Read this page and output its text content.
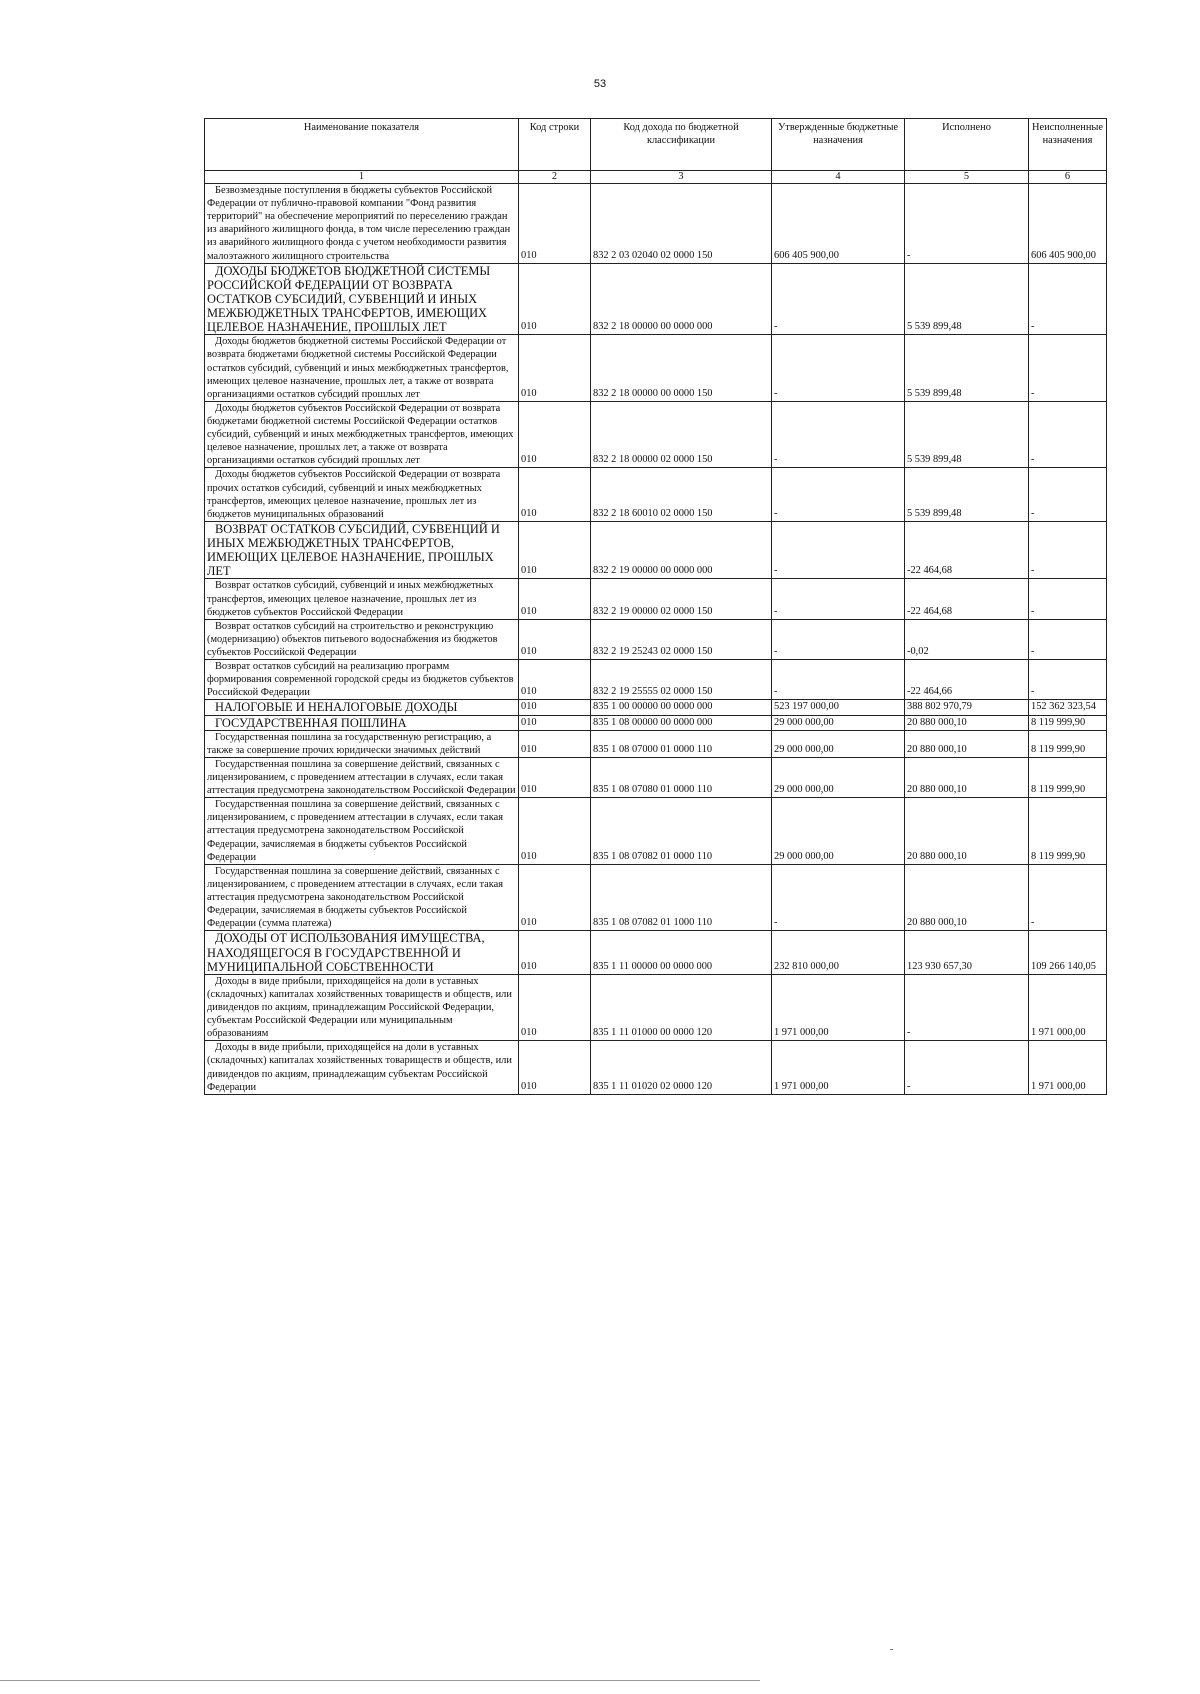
53
Наименование показателя	Код строки	Код дохода по бюджетной классификации	Утвержденные бюджетные назначения	Исполнено	Неисполненные назначения
1	2	3	4	5	6
Безвозмездные поступления в бюджеты субъектов Российской Федерации от публично-правовой компании "Фонд развития территорий" на обеспечение мероприятий по переселению граждан из аварийного жилищного фонда, в том числе переселению граждан из аварийного жилищного фонда с учетом необходимости развития малоэтажного жилищного строительства	010	832 2 03 02040 02 0000 150	606 405 900,00	-	606 405 900,00
ДОХОДЫ БЮДЖЕТОВ БЮДЖЕТНОЙ СИСТЕМЫ РОССИЙСКОЙ ФЕДЕРАЦИИ ОТ ВОЗВРАТА ОСТАТКОВ СУБСИДИЙ, СУБВЕНЦИЙ И ИНЫХ МЕЖБЮДЖЕТНЫХ ТРАНСФЕРТОВ, ИМЕЮЩИХ ЦЕЛЕВОЕ НАЗНАЧЕНИЕ, ПРОШЛЫХ ЛЕТ	010	832 2 18 00000 00 0000 000	-	5 539 899,48	-
Доходы бюджетов бюджетной системы Российской Федерации от возврата бюджетами бюджетной системы Российской Федерации остатков субсидий, субвенций и иных межбюджетных трансфертов, имеющих целевое назначение, прошлых лет, а также от возврата организациями остатков субсидий прошлых лет	010	832 2 18 00000 00 0000 150	-	5 539 899,48	-
Доходы бюджетов субъектов Российской Федерации от возврата бюджетами бюджетной системы Российской Федерации остатков субсидий, субвенций и иных межбюджетных трансфертов, имеющих целевое назначение, прошлых лет, а также от возврата организациями остатков субсидий прошлых лет	010	832 2 18 00000 02 0000 150	-	5 539 899,48	-
Доходы бюджетов субъектов Российской Федерации от возврата прочих остатков субсидий, субвенций и иных межбюджетных трансфертов, имеющих целевое назначение, прошлых лет из бюджетов муниципальных образований	010	832 2 18 60010 02 0000 150	-	5 539 899,48	-
ВОЗВРАТ ОСТАТКОВ СУБСИДИЙ, СУБВЕНЦИЙ И ИНЫХ МЕЖБЮДЖЕТНЫХ ТРАНСФЕРТОВ, ИМЕЮЩИХ ЦЕЛЕВОЕ НАЗНАЧЕНИЕ, ПРОШЛЫХ ЛЕТ	010	832 2 19 00000 00 0000 000	-	-22 464,68	-
Возврат остатков субсидий, субвенций и иных межбюджетных трансфертов, имеющих целевое назначение, прошлых лет из бюджетов субъектов Российской Федерации	010	832 2 19 00000 02 0000 150	-	-22 464,68	-
Возврат остатков субсидий на строительство и реконструкцию (модернизацию) объектов питьевого водоснабжения из бюджетов субъектов Российской Федерации	010	832 2 19 25243 02 0000 150	-	-0,02	-
Возврат остатков субсидий на реализацию программ формирования современной городской среды из бюджетов субъектов Российской Федерации	010	832 2 19 25555 02 0000 150	-	-22 464,66	-
НАЛОГОВЫЕ И НЕНАЛОГОВЫЕ ДОХОДЫ	010	835 1 00 00000 00 0000 000	523 197 000,00	388 802 970,79	152 362 323,54
ГОСУДАРСТВЕННАЯ ПОШЛИНА	010	835 1 08 00000 00 0000 000	29 000 000,00	20 880 000,10	8 119 999,90
Государственная пошлина за государственную регистрацию, а также за совершение прочих юридически значимых действий	010	835 1 08 07000 01 0000 110	29 000 000,00	20 880 000,10	8 119 999,90
Государственная пошлина за совершение действий, связанных с лицензированием, с проведением аттестации в случаях, если такая аттестация предусмотрена законодательством Российской Федерации	010	835 1 08 07080 01 0000 110	29 000 000,00	20 880 000,10	8 119 999,90
Государственная пошлина за совершение действий, связанных с лицензированием, с проведением аттестации в случаях, если такая аттестация предусмотрена законодательством Российской Федерации, зачисляемая в бюджеты субъектов Российской Федерации	010	835 1 08 07082 01 0000 110	29 000 000,00	20 880 000,10	8 119 999,90
Государственная пошлина за совершение действий, связанных с лицензированием, с проведением аттестации в случаях, если такая аттестация предусмотрена законодательством Российской Федерации, зачисляемая в бюджеты субъектов Российской Федерации (сумма платежа)	010	835 1 08 07082 01 1000 110	-	20 880 000,10	-
ДОХОДЫ ОТ ИСПОЛЬЗОВАНИЯ ИМУЩЕСТВА, НАХОДЯЩЕГОСЯ В ГОСУДАРСТВЕННОЙ И МУНИЦИПАЛЬНОЙ СОБСТВЕННОСТИ	010	835 1 11 00000 00 0000 000	232 810 000,00	123 930 657,30	109 266 140,05
Доходы в виде прибыли, приходящейся на доли в уставных (складочных) капиталах хозяйственных товариществ и обществ, или дивидендов по акциям, принадлежащим Российской Федерации, субъектам Российской Федерации или муниципальным образованиям	010	835 1 11 01000 00 0000 120	1 971 000,00	-	1 971 000,00
Доходы в виде прибыли, приходящейся на доли в уставных (складочных) капиталах хозяйственных товариществ и обществ, или дивидендов по акциям, принадлежащим субъектам Российской Федерации	010	835 1 11 01020 02 0000 120	1 971 000,00	-	1 971 000,00
